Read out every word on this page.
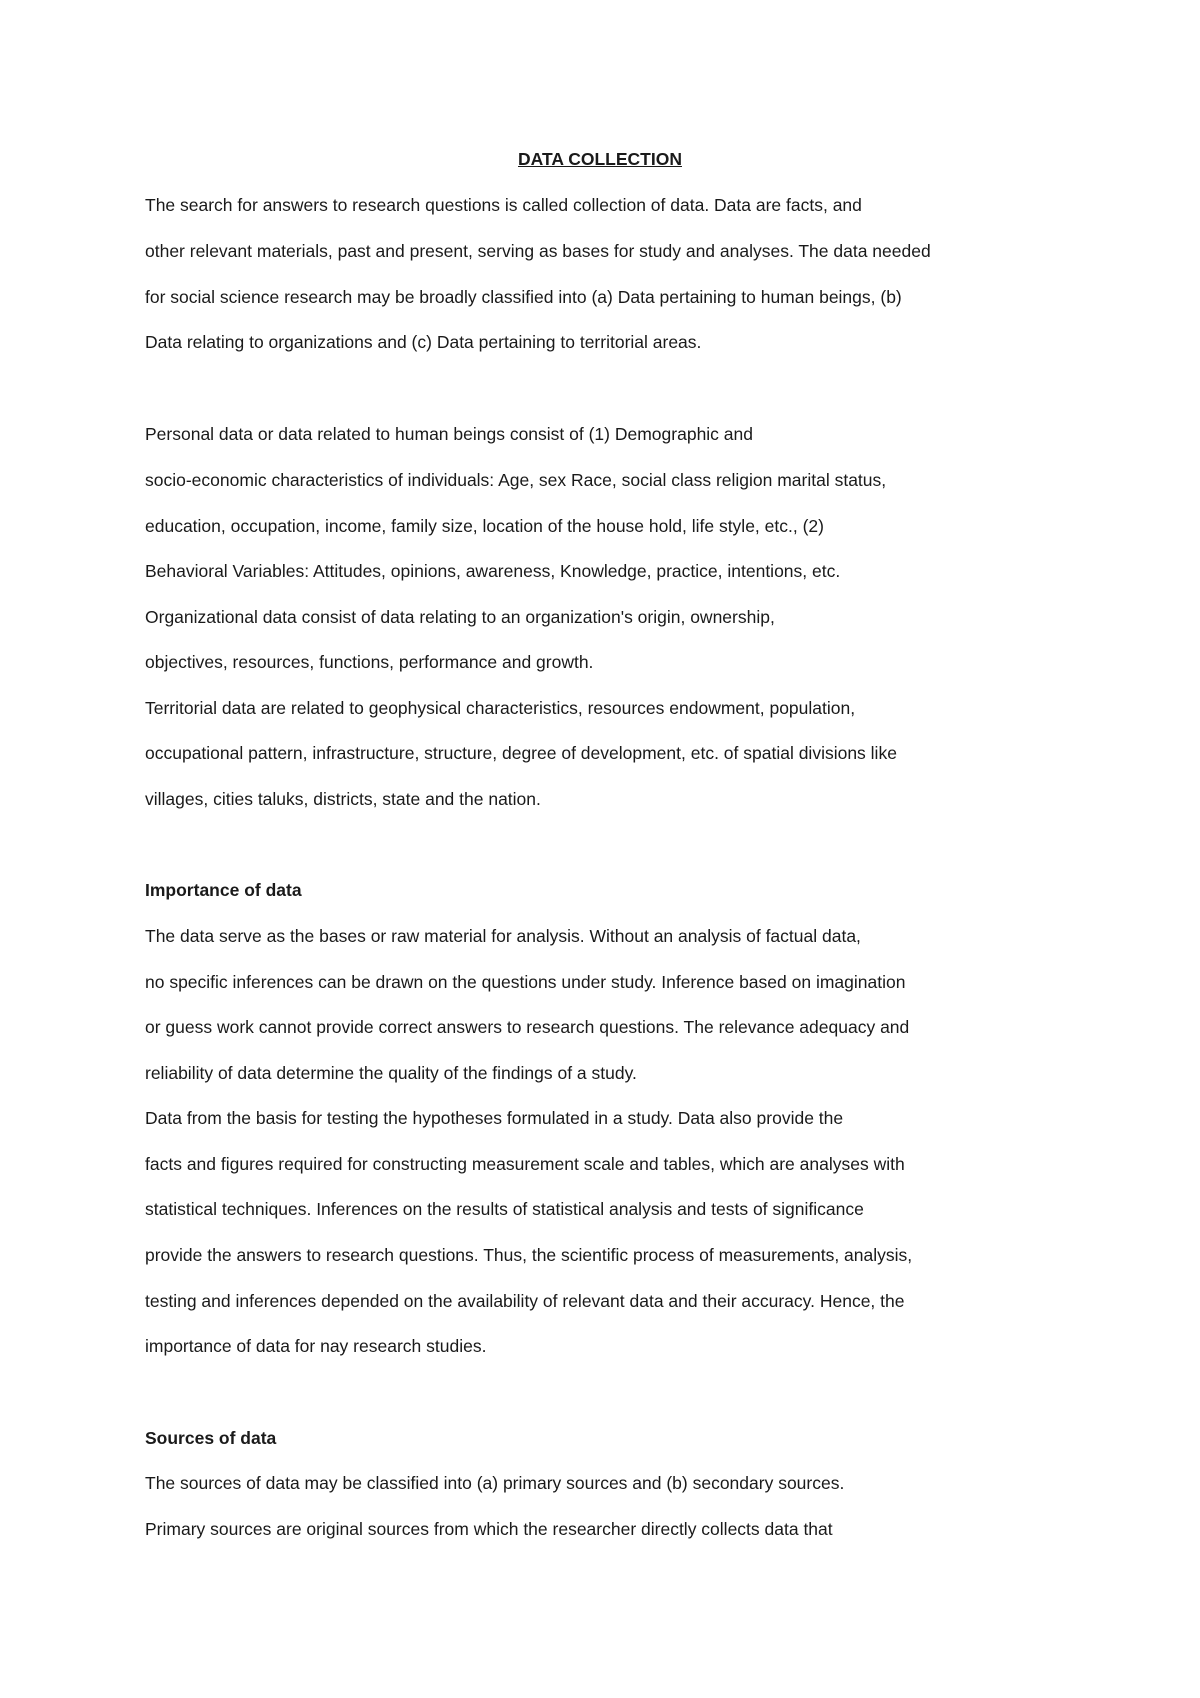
DATA COLLECTION

The search for answers to research questions is called collection of data. Data are facts, and

other relevant materials, past and present, serving as bases for study and analyses. The data needed

for social science research may be broadly classified into (a) Data pertaining to human beings, (b)

Data relating to organizations and (c) Data pertaining to territorial areas.

Personal data or data related to human beings consist of (1) Demographic and

socio-economic characteristics of individuals: Age, sex Race, social class religion marital status,

education, occupation, income, family size, location of the house hold, life style, etc., (2)

Behavioral Variables: Attitudes, opinions, awareness, Knowledge, practice, intentions, etc.

Organizational data consist of data relating to an organization's origin, ownership,

objectives, resources, functions, performance and growth.

Territorial data are related to geophysical characteristics, resources endowment, population,

occupational pattern, infrastructure, structure, degree of development, etc. of spatial divisions like

villages, cities taluks, districts, state and the nation.

Importance of data

The data serve as the bases or raw material for analysis. Without an analysis of factual data,

no specific inferences can be drawn on the questions under study. Inference based on imagination

or guess work cannot provide correct answers to research questions. The relevance adequacy and

reliability of data determine the quality of the findings of a study.

Data from the basis for testing the hypotheses formulated in a study. Data also provide the

facts and figures required for constructing measurement scale and tables, which are analyses with

statistical techniques. Inferences on the results of statistical analysis and tests of significance

provide the answers to research questions. Thus, the scientific process of measurements, analysis,

testing and inferences depended on the availability of relevant data and their accuracy. Hence, the

importance of data for nay research studies.

Sources of data

The sources of data may be classified into (a) primary sources and (b) secondary sources.

Primary sources are original sources from which the researcher directly collects data that
